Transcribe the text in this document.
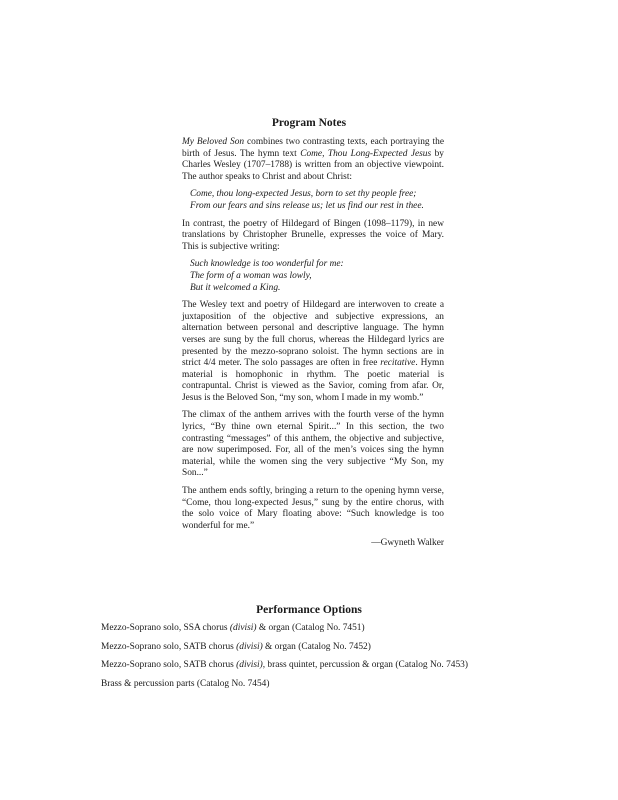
Program Notes

My Beloved Son combines two contrasting texts, each portraying the birth of Jesus. The hymn text Come, Thou Long-Expected Jesus by Charles Wesley (1707–1788) is written from an objective viewpoint. The author speaks to Christ and about Christ:

Come, thou long-expected Jesus, born to set thy people free;
From our fears and sins release us; let us find our rest in thee.

In contrast, the poetry of Hildegard of Bingen (1098–1179), in new translations by Christopher Brunelle, expresses the voice of Mary. This is subjective writing:

Such knowledge is too wonderful for me:
The form of a woman was lowly,
But it welcomed a King.

The Wesley text and poetry of Hildegard are interwoven to create a juxtaposition of the objective and subjective expressions, an alternation between personal and descriptive language. The hymn verses are sung by the full chorus, whereas the Hildegard lyrics are presented by the mezzo-soprano soloist. The hymn sections are in strict 4/4 meter. The solo passages are often in free recitative. Hymn material is homophonic in rhythm. The poetic material is contrapuntal. Christ is viewed as the Savior, coming from afar. Or, Jesus is the Beloved Son, “my son, whom I made in my womb.”

The climax of the anthem arrives with the fourth verse of the hymn lyrics, “By thine own eternal Spirit...” In this section, the two contrasting “messages” of this anthem, the objective and subjective, are now superimposed. For, all of the men’s voices sing the hymn material, while the women sing the very subjective “My Son, my Son...”

The anthem ends softly, bringing a return to the opening hymn verse, “Come, thou long-expected Jesus,” sung by the entire chorus, with the solo voice of Mary floating above: “Such knowledge is too wonderful for me.”

—Gwyneth Walker
Performance Options
Mezzo-Soprano solo, SSA chorus (divisi) & organ (Catalog No. 7451)
Mezzo-Soprano solo, SATB chorus (divisi) & organ (Catalog No. 7452)
Mezzo-Soprano solo, SATB chorus (divisi), brass quintet, percussion & organ (Catalog No. 7453)
Brass & percussion parts (Catalog No. 7454)
